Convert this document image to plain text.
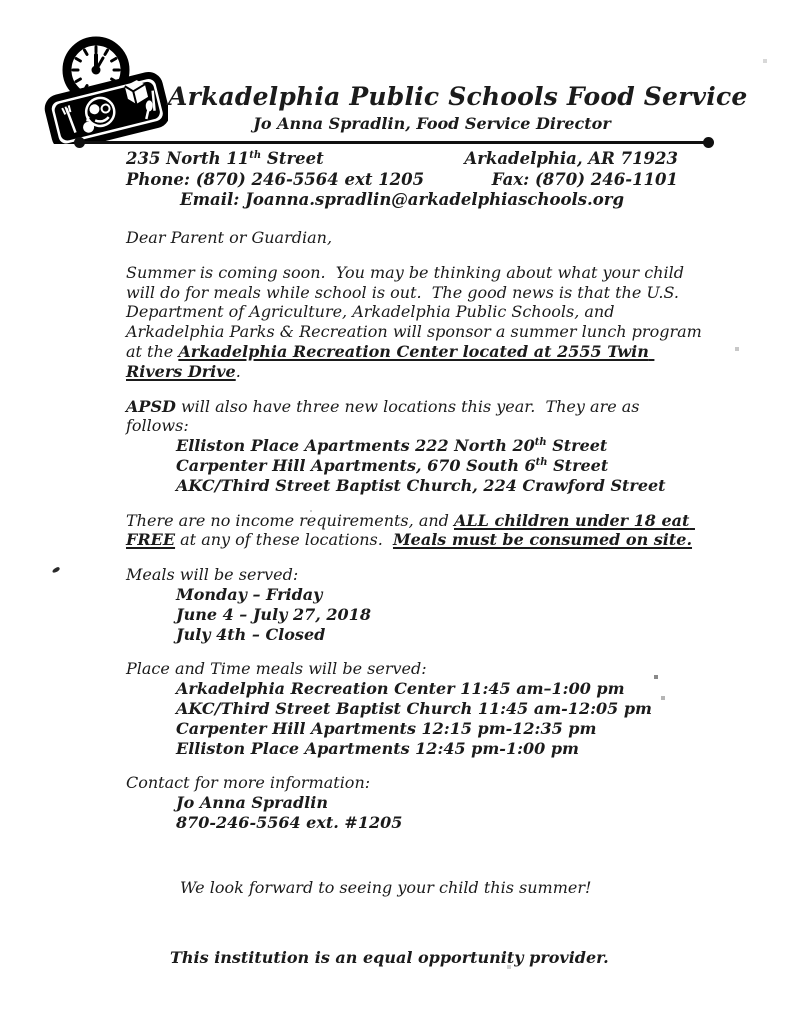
Arkadelphia Public Schools Food Service
Jo Anna Spradlin, Food Service Director
235 North 11th Street	Arkadelphia, AR 71923
Phone: (870) 246-5564 ext 1205	Fax: (870) 246-1101
Email: Joanna.spradlin@arkadelphiaschools.org

Dear Parent or Guardian,

Summer is coming soon.  You may be thinking about what your child will do for meals while school is out.  The good news is that the U.S. Department of Agriculture, Arkadelphia Public Schools, and Arkadelphia Parks & Recreation will sponsor a summer lunch program at the Arkadelphia Recreation Center located at 2555 Twin Rivers Drive.

APSD will also have three new locations this year.  They are as follows:
Elliston Place Apartments 222 North 20th Street
Carpenter Hill Apartments, 670 South 6th Street
AKC/Third Street Baptist Church, 224 Crawford Street

There are no income requirements, and ALL children under 18 eat FREE at any of these locations.  Meals must be consumed on site.

Meals will be served:
Monday – Friday
June 4 – July 27, 2018
July 4th – Closed
Place and Time meals will be served:
Arkadelphia Recreation Center 11:45 am–1:00 pm
AKC/Third Street Baptist Church 11:45 am-12:05 pm
Carpenter Hill Apartments 12:15 pm-12:35 pm
Elliston Place Apartments 12:45 pm-1:00 pm
Contact for more information:
Jo Anna Spradlin
870-246-5564 ext. #1205
We look forward to seeing your child this summer!
This institution is an equal opportunity provider.
